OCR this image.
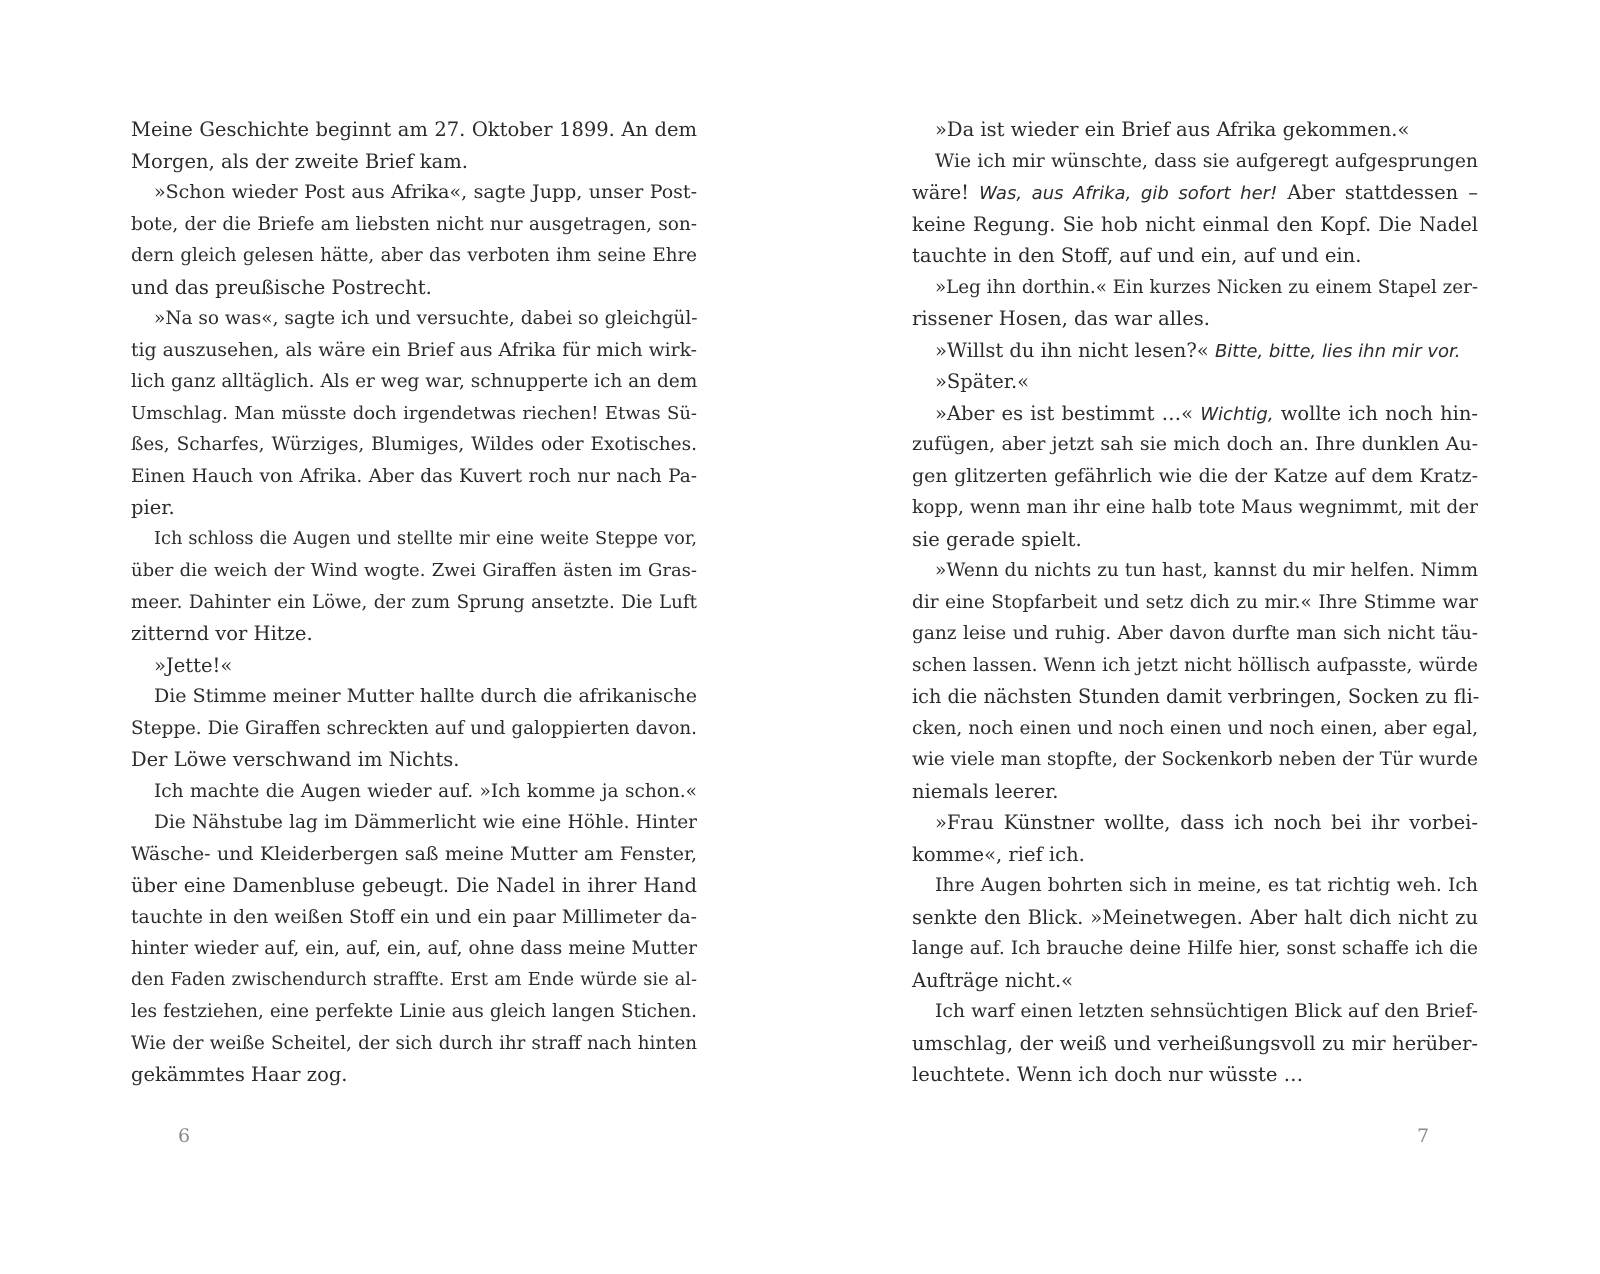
Meine Geschichte beginnt am 27. Oktober 1899. An dem
Morgen, als der zweite Brief kam.
»Schon wieder Post aus Afrika«, sagte Jupp, unser Post-
bote, der die Briefe am liebsten nicht nur ausgetragen, son-
dern gleich gelesen hätte, aber das verboten ihm seine Ehre
und das preußische Postrecht.
»Na so was«, sagte ich und versuchte, dabei so gleichgül-
tig auszusehen, als wäre ein Brief aus Afrika für mich wirk-
lich ganz alltäglich. Als er weg war, schnupperte ich an dem
Umschlag. Man müsste doch irgendetwas riechen! Etwas Sü-
ßes, Scharfes, Würziges, Blumiges, Wildes oder Exotisches.
Einen Hauch von Afrika. Aber das Kuvert roch nur nach Pa-
pier.
Ich schloss die Augen und stellte mir eine weite Steppe vor,
über die weich der Wind wogte. Zwei Giraffen ästen im Gras-
meer. Dahinter ein Löwe, der zum Sprung ansetzte. Die Luft
zitternd vor Hitze.
»Jette!«
Die Stimme meiner Mutter hallte durch die afrikanische
Steppe. Die Giraffen schreckten auf und galoppierten davon.
Der Löwe verschwand im Nichts.
Ich machte die Augen wieder auf. »Ich komme ja schon.«
Die Nähstube lag im Dämmerlicht wie eine Höhle. Hinter
Wäsche- und Kleiderbergen saß meine Mutter am Fenster,
über eine Damenbluse gebeugt. Die Nadel in ihrer Hand
tauchte in den weißen Stoff ein und ein paar Millimeter da-
hinter wieder auf, ein, auf, ein, auf, ohne dass meine Mutter
den Faden zwischendurch straffte. Erst am Ende würde sie al-
les festziehen, eine perfekte Linie aus gleich langen Stichen.
Wie der weiße Scheitel, der sich durch ihr straff nach hinten
gekämmtes Haar zog.
»Da ist wieder ein Brief aus Afrika gekommen.«
Wie ich mir wünschte, dass sie aufgeregt aufgesprungen
wäre! Was, aus Afrika, gib sofort her! Aber stattdessen –
keine Regung. Sie hob nicht einmal den Kopf. Die Nadel
tauchte in den Stoff, auf und ein, auf und ein.
»Leg ihn dorthin.« Ein kurzes Nicken zu einem Stapel zer-
rissener Hosen, das war alles.
»Willst du ihn nicht lesen?« Bitte, bitte, lies ihn mir vor.
»Später.«
»Aber es ist bestimmt …« Wichtig, wollte ich noch hin-
zufügen, aber jetzt sah sie mich doch an. Ihre dunklen Au-
gen glitzerten gefährlich wie die der Katze auf dem Kratz-
kopp, wenn man ihr eine halb tote Maus wegnimmt, mit der
sie gerade spielt.
»Wenn du nichts zu tun hast, kannst du mir helfen. Nimm
dir eine Stopfarbeit und setz dich zu mir.« Ihre Stimme war
ganz leise und ruhig. Aber davon durfte man sich nicht täu-
schen lassen. Wenn ich jetzt nicht höllisch aufpasste, würde
ich die nächsten Stunden damit verbringen, Socken zu fli-
cken, noch einen und noch einen und noch einen, aber egal,
wie viele man stopfte, der Sockenkorb neben der Tür wurde
niemals leerer.
»Frau Künstner wollte, dass ich noch bei ihr vorbei-
komme«, rief ich.
Ihre Augen bohrten sich in meine, es tat richtig weh. Ich
senkte den Blick. »Meinetwegen. Aber halt dich nicht zu
lange auf. Ich brauche deine Hilfe hier, sonst schaffe ich die
Aufträge nicht.«
Ich warf einen letzten sehnsüchtigen Blick auf den Brief-
umschlag, der weiß und verheißungsvoll zu mir herüber-
leuchtete. Wenn ich doch nur wüsste …
6	7
